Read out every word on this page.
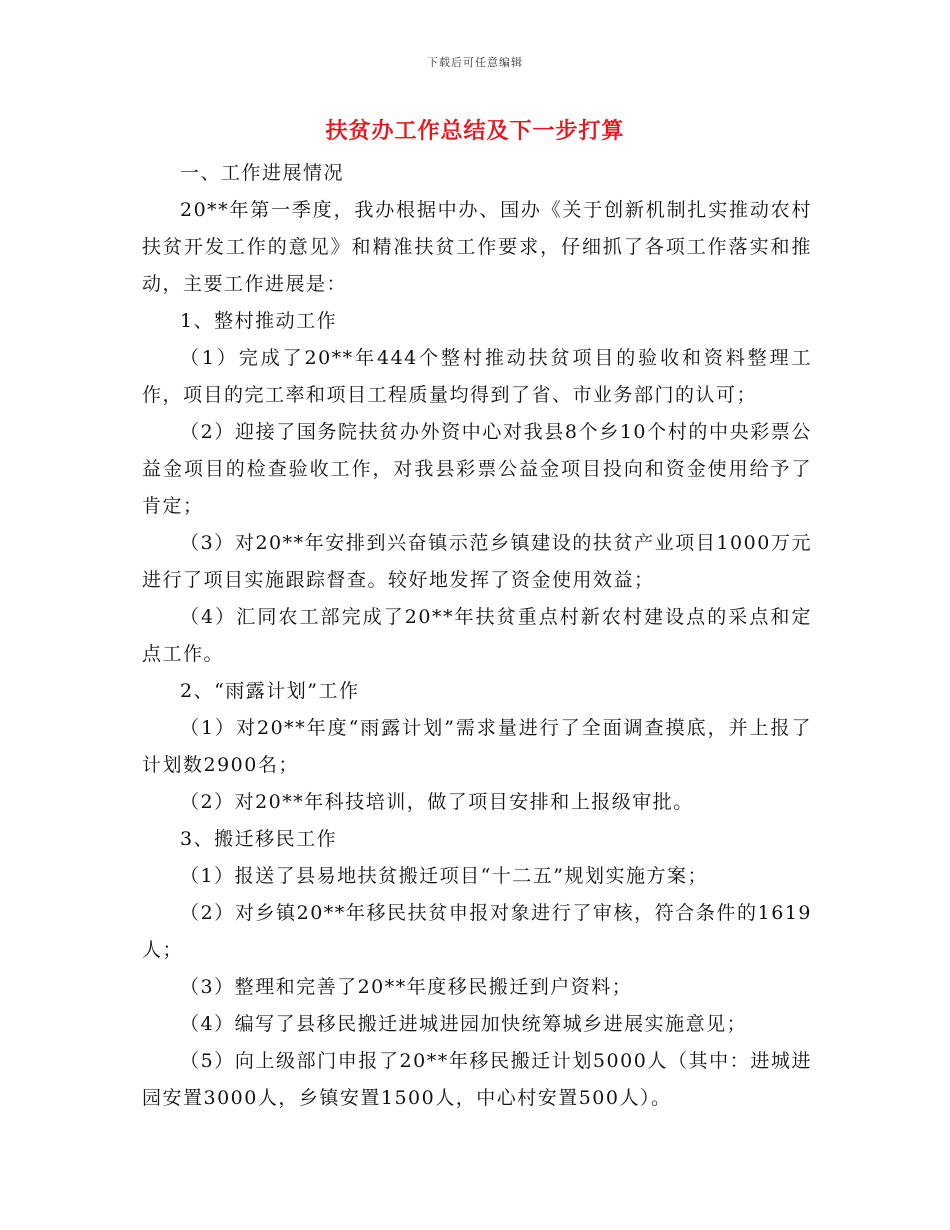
下载后可任意编辑
扶贫办工作总结及下一步打算

一、工作进展情况

20**年第一季度，我办根据中办、国办《关于创新机制扎实推动农村扶贫开发工作的意见》和精准扶贫工作要求，仔细抓了各项工作落实和推动，主要工作进展是：

1、整村推动工作

（1）完成了20**年444个整村推动扶贫项目的验收和资料整理工作，项目的完工率和项目工程质量均得到了省、市业务部门的认可；

（2）迎接了国务院扶贫办外资中心对我县8个乡10个村的中央彩票公益金项目的检查验收工作，对我县彩票公益金项目投向和资金使用给予了肯定；

（3）对20**年安排到兴奋镇示范乡镇建设的扶贫产业项目1000万元进行了项目实施跟踪督查。较好地发挥了资金使用效益；

（4）汇同农工部完成了20**年扶贫重点村新农村建设点的采点和定点工作。

2、“雨露计划”工作

（1）对20**年度“雨露计划”需求量进行了全面调查摸底，并上报了计划数2900名；

（2）对20**年科技培训，做了项目安排和上报级审批。

3、搬迁移民工作

（1）报送了县易地扶贫搬迁项目“十二五”规划实施方案；

（2）对乡镇20**年移民扶贫申报对象进行了审核，符合条件的1619人；

（3）整理和完善了20**年度移民搬迁到户资料；

（4）编写了县移民搬迁进城进园加快统筹城乡进展实施意见；

（5）向上级部门申报了20**年移民搬迁计划5000人（其中：进城进园安置3000人，乡镇安置1500人，中心村安置500人）。
